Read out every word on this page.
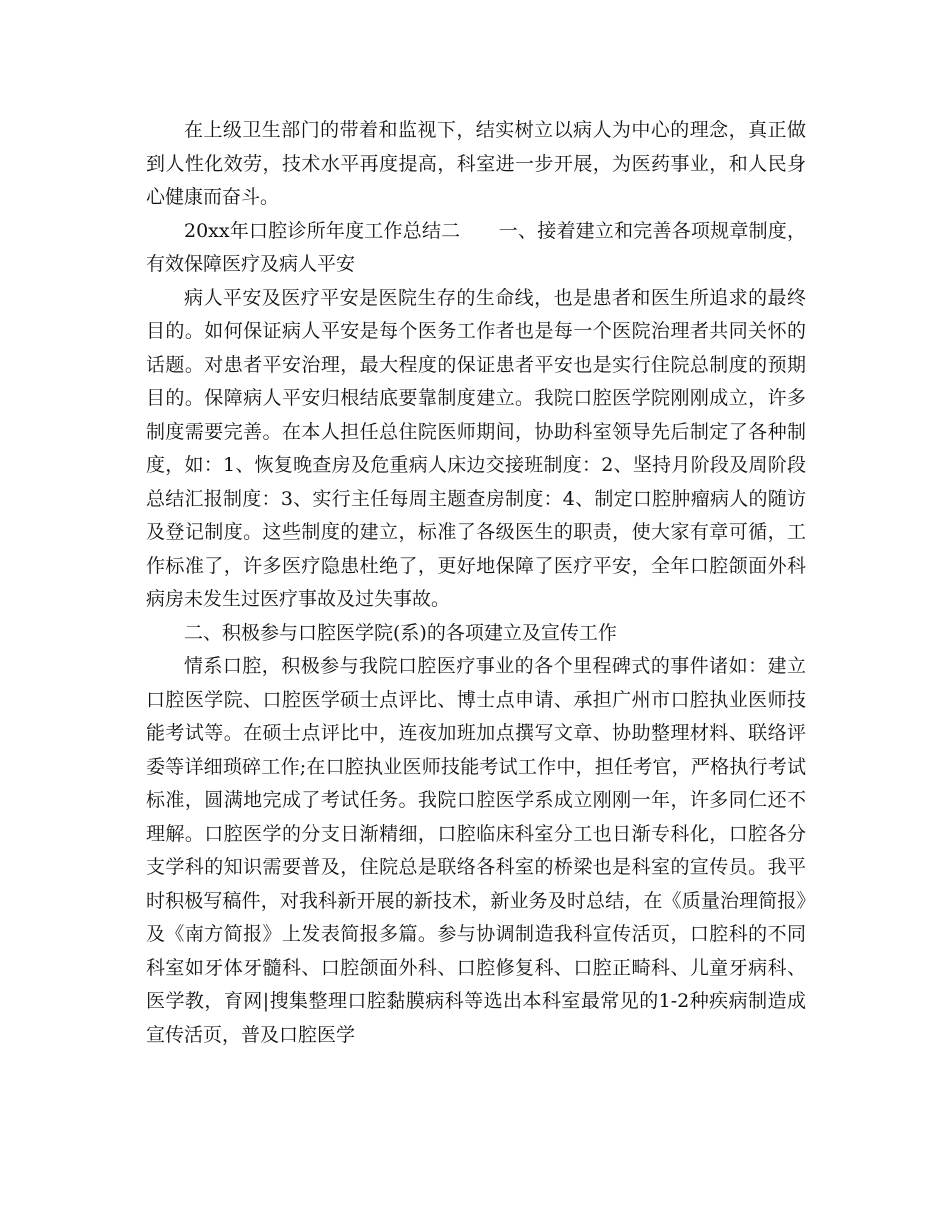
在上级卫生部门的带着和监视下，结实树立以病人为中心的理念，真正做到人性化效劳，技术水平再度提高，科室进一步开展，为医药事业，和人民身心健康而奋斗。

20xx年口腔诊所年度工作总结二　　一、接着建立和完善各项规章制度，有效保障医疗及病人平安

病人平安及医疗平安是医院生存的生命线，也是患者和医生所追求的最终目的。如何保证病人平安是每个医务工作者也是每一个医院治理者共同关怀的话题。对患者平安治理，最大程度的保证患者平安也是实行住院总制度的预期目的。保障病人平安归根结底要靠制度建立。我院口腔医学院刚刚成立，许多制度需要完善。在本人担任总住院医师期间，协助科室领导先后制定了各种制度，如：1、恢复晚查房及危重病人床边交接班制度：2、坚持月阶段及周阶段总结汇报制度：3、实行主任每周主题查房制度：4、制定口腔肿瘤病人的随访及登记制度。这些制度的建立，标准了各级医生的职责，使大家有章可循，工作标准了，许多医疗隐患杜绝了，更好地保障了医疗平安，全年口腔颌面外科病房未发生过医疗事故及过失事故。

二、积极参与口腔医学院(系)的各项建立及宣传工作

情系口腔，积极参与我院口腔医疗事业的各个里程碑式的事件诸如：建立口腔医学院、口腔医学硕士点评比、博士点申请、承担广州市口腔执业医师技能考试等。在硕士点评比中，连夜加班加点撰写文章、协助整理材料、联络评委等详细琐碎工作;在口腔执业医师技能考试工作中，担任考官，严格执行考试标准，圆满地完成了考试任务。我院口腔医学系成立刚刚一年，许多同仁还不理解。口腔医学的分支日渐精细，口腔临床科室分工也日渐专科化，口腔各分支学科的知识需要普及，住院总是联络各科室的桥梁也是科室的宣传员。我平时积极写稿件，对我科新开展的新技术，新业务及时总结，在《质量治理简报》及《南方简报》上发表简报多篇。参与协调制造我科宣传活页，口腔科的不同科室如牙体牙髓科、口腔颌面外科、口腔修复科、口腔正畸科、儿童牙病科、医学教，育网|搜集整理口腔黏膜病科等选出本科室最常见的1-2种疾病制造成宣传活页，普及口腔医学
